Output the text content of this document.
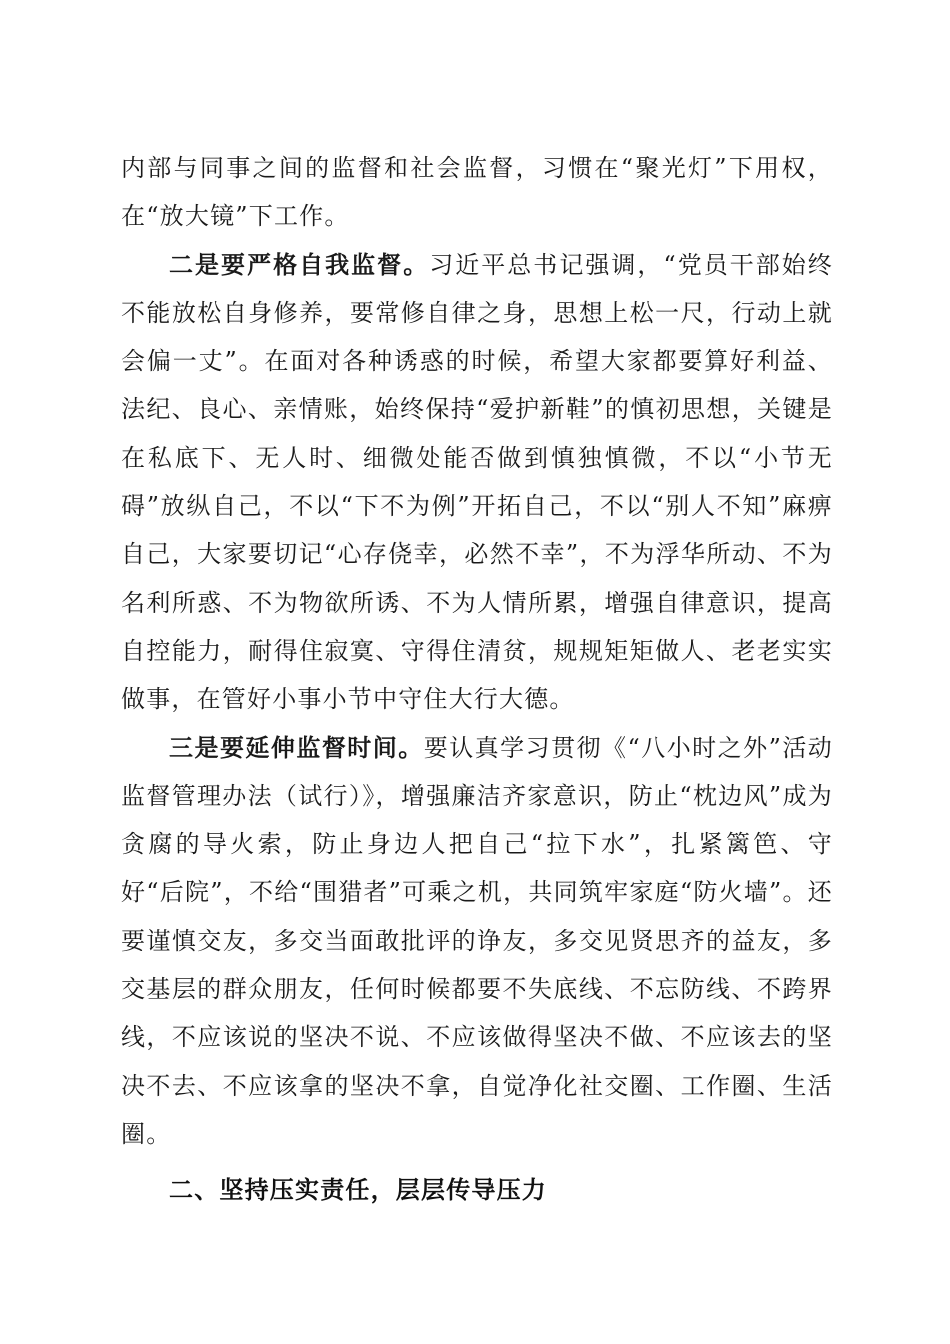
内部与同事之间的监督和社会监督，习惯在“聚光灯”下用权，在“放大镜”下工作。

二是要严格自我监督。习近平总书记强调，“党员干部始终不能放松自身修养，要常修自律之身，思想上松一尺，行动上就会偏一丈”。在面对各种诱惑的时候，希望大家都要算好利益、法纪、良心、亲情账，始终保持“爱护新鞋”的慎初思想，关键是在私底下、无人时、细微处能否做到慎独慎微，不以“小节无碍”放纵自己，不以“下不为例”开拓自己，不以“别人不知”麻痹自己，大家要切记“心存侥幸，必然不幸”，不为浮华所动、不为名利所惑、不为物欲所诱、不为人情所累，增强自律意识，提高自控能力，耐得住寂寞、守得住清贫，规规矩矩做人、老老实实做事，在管好小事小节中守住大行大德。

三是要延伸监督时间。要认真学习贯彻《“八小时之外”活动监督管理办法（试行）》，增强廉洁齐家意识，防止“枕边风”成为贪腐的导火索，防止身边人把自己“拉下水”，扎紧篱笆、守好“后院”，不给“围猎者”可乘之机，共同筑牢家庭“防火墙”。还要谨慎交友，多交当面敢批评的诤友，多交见贤思齐的益友，多交基层的群众朋友，任何时候都要不失底线、不忘防线、不跨界线，不应该说的坚决不说、不应该做得坚决不做、不应该去的坚决不去、不应该拿的坚决不拿，自觉净化社交圈、工作圈、生活圈。

二、坚持压实责任，层层传导压力
